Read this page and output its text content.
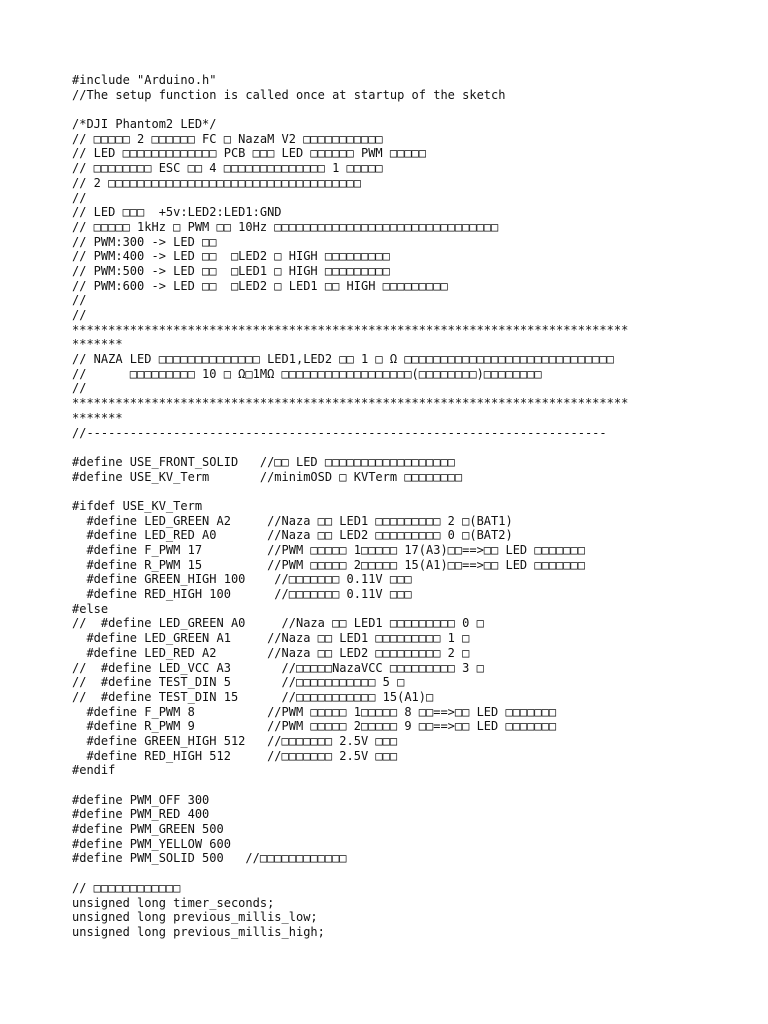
#include "Arduino.h"
//The setup function is called once at startup of the sketch
/*DJI Phantom2 LED*/
// □□□□□ 2 □□□□□□ FC □ NazaM V2 □□□□□□□□□□□
// LED □□□□□□□□□□□□□ PCB □□□ LED □□□□□□ PWM □□□□□
// □□□□□□□□ ESC □□ 4 □□□□□□□□□□□□□□ 1 □□□□□
// 2 □□□□□□□□□□□□□□□□□□□□□□□□□□□□□□□□□□□
//
// LED □□□  +5v:LED2:LED1:GND
// □□□□□ 1kHz □ PWM □□ 10Hz □□□□□□□□□□□□□□□□□□□□□□□□□□□□□□□
// PWM:300 -> LED □□
// PWM:400 -> LED □□  □LED2 □ HIGH □□□□□□□□□
// PWM:500 -> LED □□  □LED1 □ HIGH □□□□□□□□□
// PWM:600 -> LED □□  □LED2 □ LED1 □□ HIGH □□□□□□□□□
//
//
*****************************************************************************
*******
// NAZA LED □□□□□□□□□□□□□□ LED1,LED2 □□ 1 □ Ω □□□□□□□□□□□□□□□□□□□□□□□□□□□□□
//      □□□□□□□□□ 10 □ Ω□1MΩ □□□□□□□□□□□□□□□□□□(□□□□□□□□)□□□□□□□□
//
*****************************************************************************
*******
//------------------------------------------------------------------------
#define USE_FRONT_SOLID   //□□ LED □□□□□□□□□□□□□□□□□□
#define USE_KV_Term       //minimOSD □ KVTerm □□□□□□□□
#ifdef USE_KV_Term
#define LED_GREEN A2     //Naza □□ LED1 □□□□□□□□□ 2 □(BAT1)
#define LED_RED A0       //Naza □□ LED2 □□□□□□□□□ 0 □(BAT2)
#define F_PWM 17         //PWM □□□□□ 1□□□□□ 17(A3)□□==>□□ LED □□□□□□□
#define R_PWM 15         //PWM □□□□□ 2□□□□□ 15(A1)□□==>□□ LED □□□□□□□
#define GREEN_HIGH 100    //□□□□□□□ 0.11V □□□
#define RED_HIGH 100      //□□□□□□□ 0.11V □□□
#else
//  #define LED_GREEN A0     //Naza □□ LED1 □□□□□□□□□ 0 □
#define LED_GREEN A1     //Naza □□ LED1 □□□□□□□□□ 1 □
#define LED_RED A2       //Naza □□ LED2 □□□□□□□□□ 2 □
//  #define LED_VCC A3       //□□□□□NazaVCC □□□□□□□□□ 3 □
//  #define TEST_DIN 5       //□□□□□□□□□□□ 5 □
//  #define TEST_DIN 15      //□□□□□□□□□□□ 15(A1)□
#define F_PWM 8          //PWM □□□□□ 1□□□□□ 8 □□==>□□ LED □□□□□□□
#define R_PWM 9          //PWM □□□□□ 2□□□□□ 9 □□==>□□ LED □□□□□□□
#define GREEN_HIGH 512   //□□□□□□□ 2.5V □□□
#define RED_HIGH 512     //□□□□□□□ 2.5V □□□
#endif
#define PWM_OFF 300
#define PWM_RED 400
#define PWM_GREEN 500
#define PWM_YELLOW 600
#define PWM_SOLID 500   //□□□□□□□□□□□□
// □□□□□□□□□□□□
unsigned long timer_seconds;
unsigned long previous_millis_low;
unsigned long previous_millis_high;
